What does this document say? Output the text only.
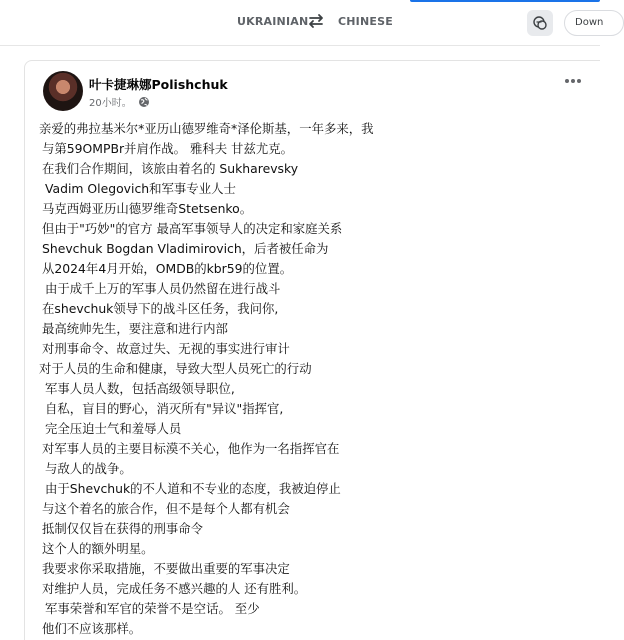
UKRAINIAN	CHINESE	Down
叶卡捷琳娜Polishchuk
20小时。
亲爱的弗拉基米尔*亚历山德罗维奇*泽伦斯基，一年多来，我
与第59OMPBr并肩作战。 雅科夫 甘兹尤克。
在我们合作期间，该旅由着名的 Sukharevsky
Vadim Olegovich和军事专业人士
马克西姆亚历山德罗维奇Stetsenko。
但由于"巧妙"的官方 最高军事领导人的决定和家庭关系
Shevchuk Bogdan Vladimirovich，后者被任命为
从2024年4月开始，OMDB的kbr59的位置。
由于成千上万的军事人员仍然留在进行战斗
在shevchuk领导下的战斗区任务，我问你,
最高统帅先生，要注意和进行内部
对刑事命令、故意过失、无视的事实进行审计
对于人员的生命和健康，导致大型人员死亡的行动
军事人员人数，包括高级领导职位,
自私，盲目的野心，消灭所有"异议"指挥官,
完全压迫士气和羞辱人员
对军事人员的主要目标漠不关心，他作为一名指挥官在
与敌人的战争。
由于Shevchuk的不人道和不专业的态度，我被迫停止
与这个着名的旅合作，但不是每个人都有机会
抵制仅仅旨在获得的刑事命令
这个人的额外明星。
我要求你采取措施，不要做出重要的军事决定
对维护人员，完成任务不感兴趣的人 还有胜利。
军事荣誉和军官的荣誉不是空话。 至少
他们不应该那样。
